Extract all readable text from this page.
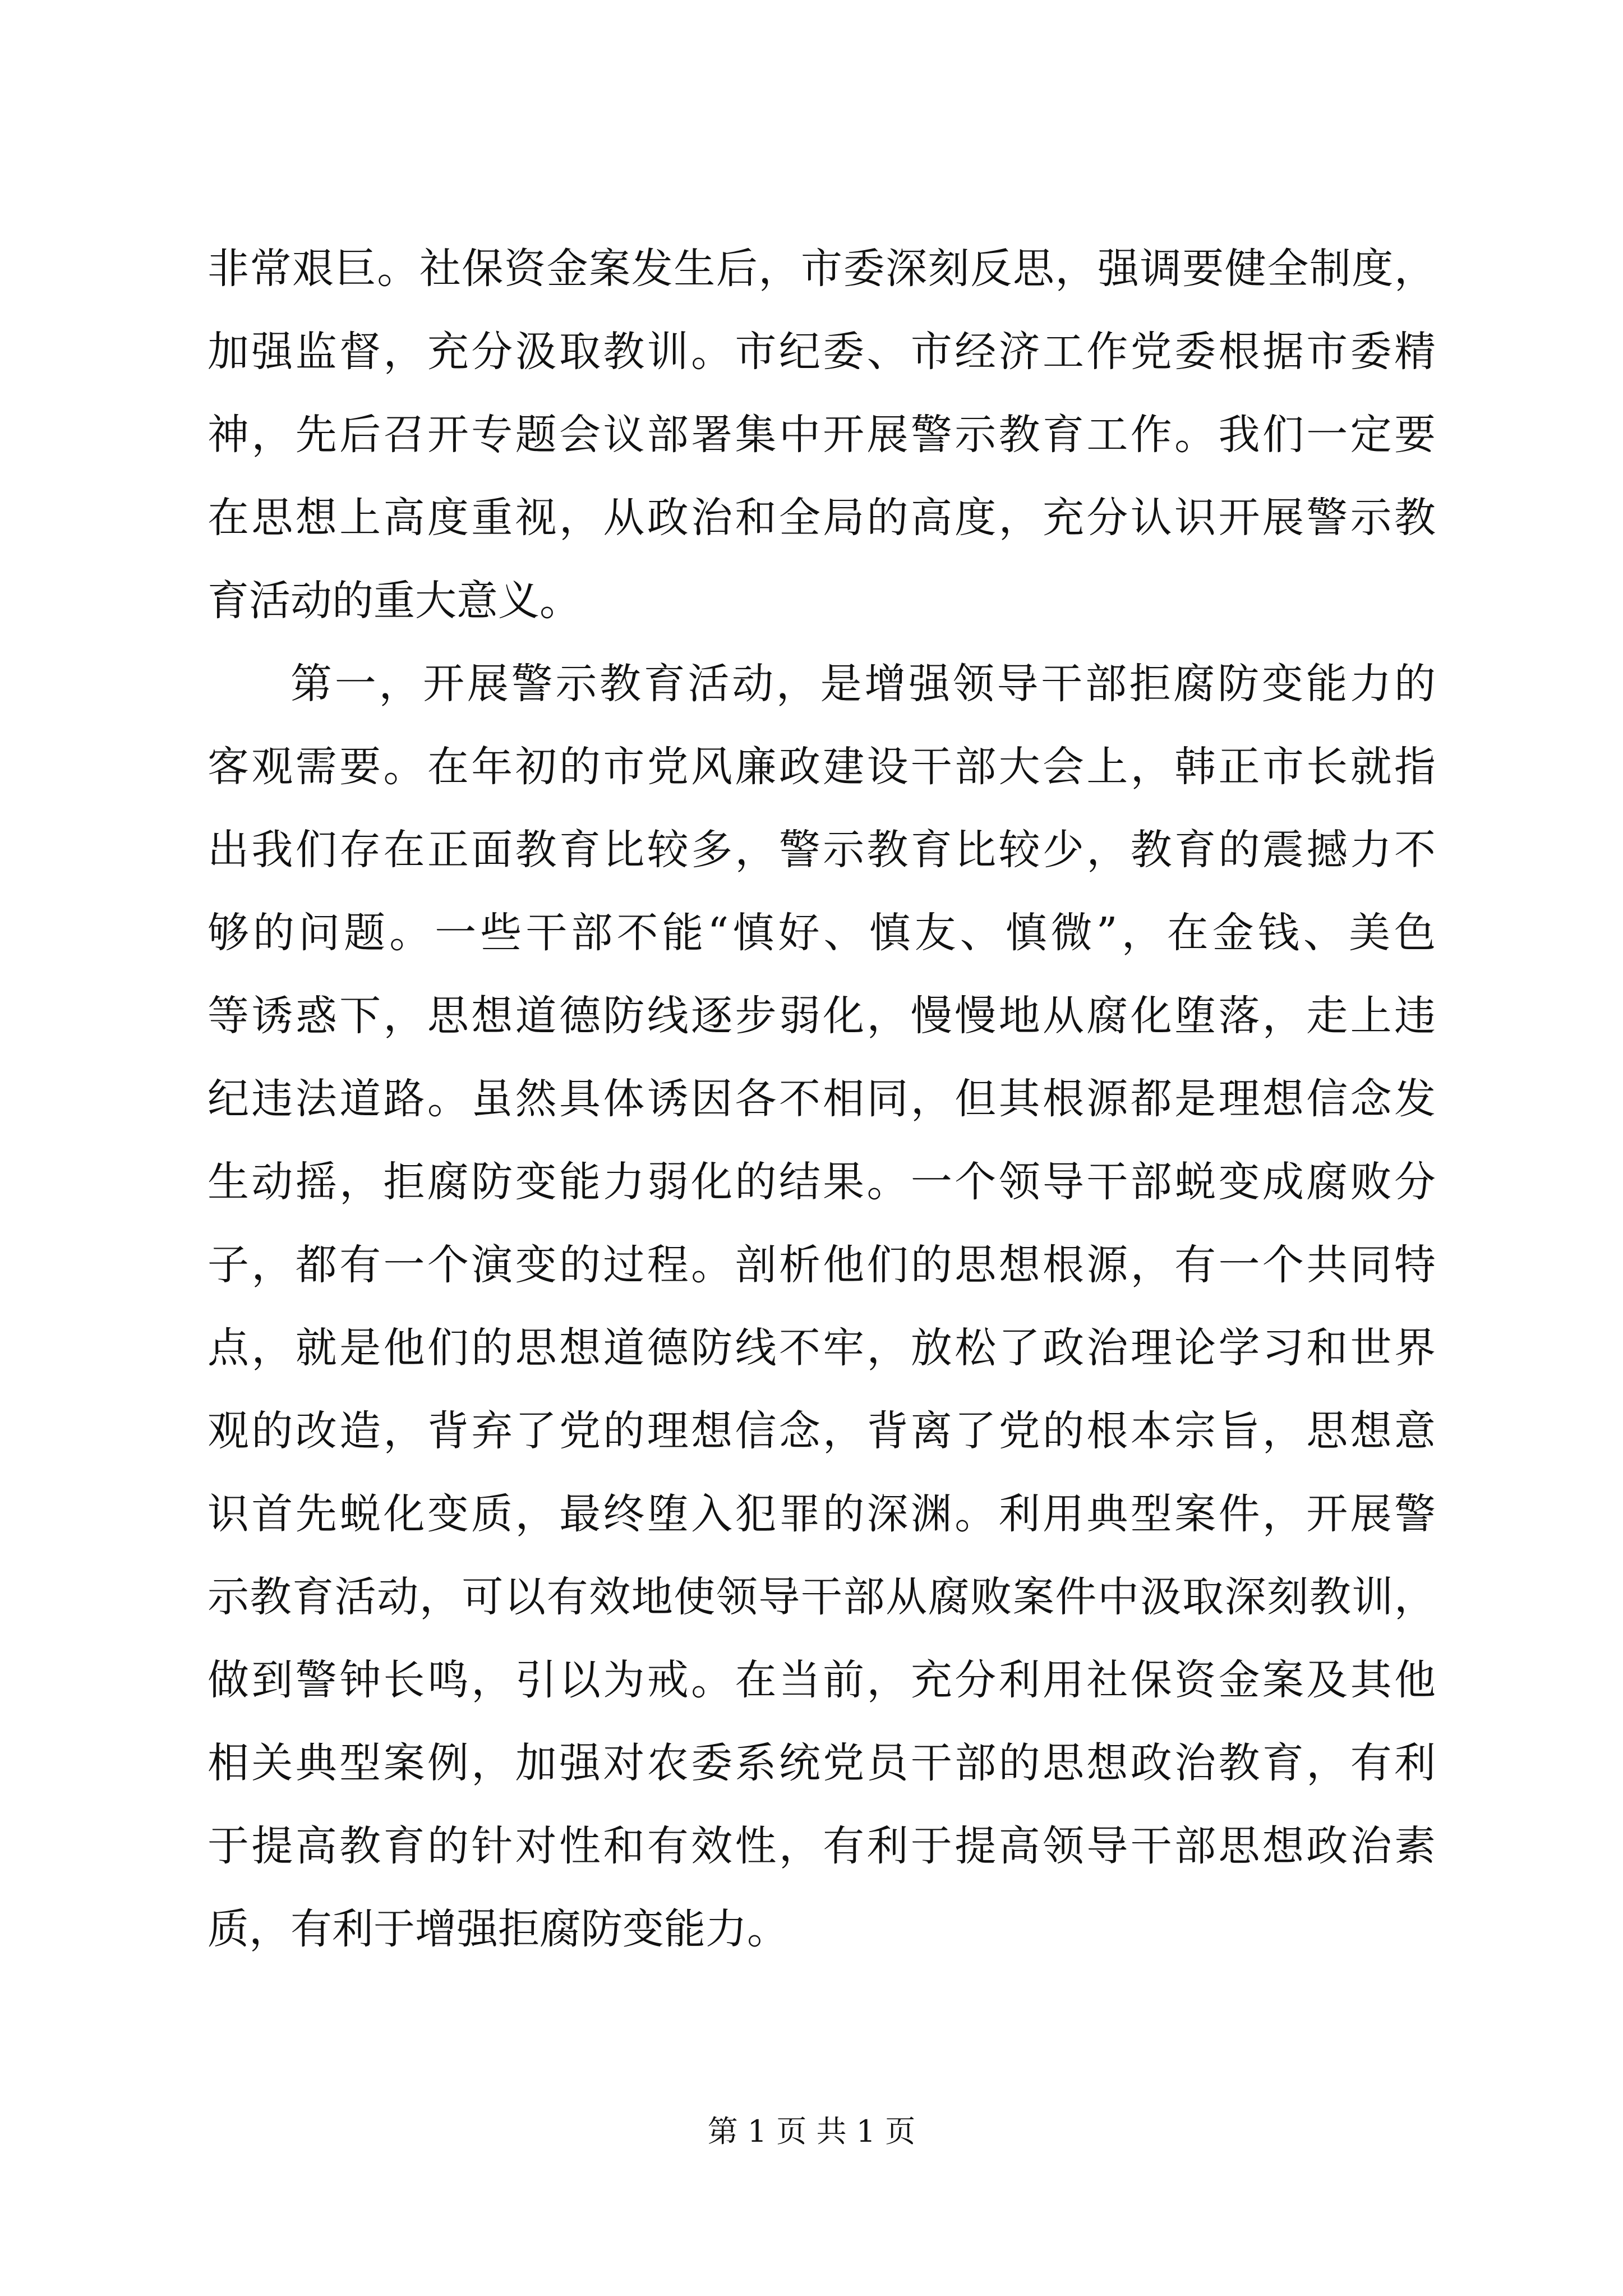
非常艰巨。社保资金案发生后，市委深刻反思，强调要健全制度，
加强监督，充分汲取教训。市纪委、市经济工作党委根据市委精
神，先后召开专题会议部署集中开展警示教育工作。我们一定要
在思想上高度重视，从政治和全局的高度，充分认识开展警示教
育活动的重大意义。
第一，开展警示教育活动，是增强领导干部拒腐防变能力的
客观需要。在年初的市党风廉政建设干部大会上，韩正市长就指
出我们存在正面教育比较多，警示教育比较少，教育的震撼力不
够的问题。一些干部不能“慎好、慎友、慎微”，在金钱、美色
等诱惑下，思想道德防线逐步弱化，慢慢地从腐化堕落，走上违
纪违法道路。虽然具体诱因各不相同，但其根源都是理想信念发
生动摇，拒腐防变能力弱化的结果。一个领导干部蜕变成腐败分
子，都有一个演变的过程。剖析他们的思想根源，有一个共同特
点，就是他们的思想道德防线不牢，放松了政治理论学习和世界
观的改造，背弃了党的理想信念，背离了党的根本宗旨，思想意
识首先蜕化变质，最终堕入犯罪的深渊。利用典型案件，开展警
示教育活动，可以有效地使领导干部从腐败案件中汲取深刻教训，
做到警钟长鸣，引以为戒。在当前，充分利用社保资金案及其他
相关典型案例，加强对农委系统党员干部的思想政治教育，有利
于提高教育的针对性和有效性，有利于提高领导干部思想政治素
质，有利于增强拒腐防变能力。
第 1 页 共 1 页
